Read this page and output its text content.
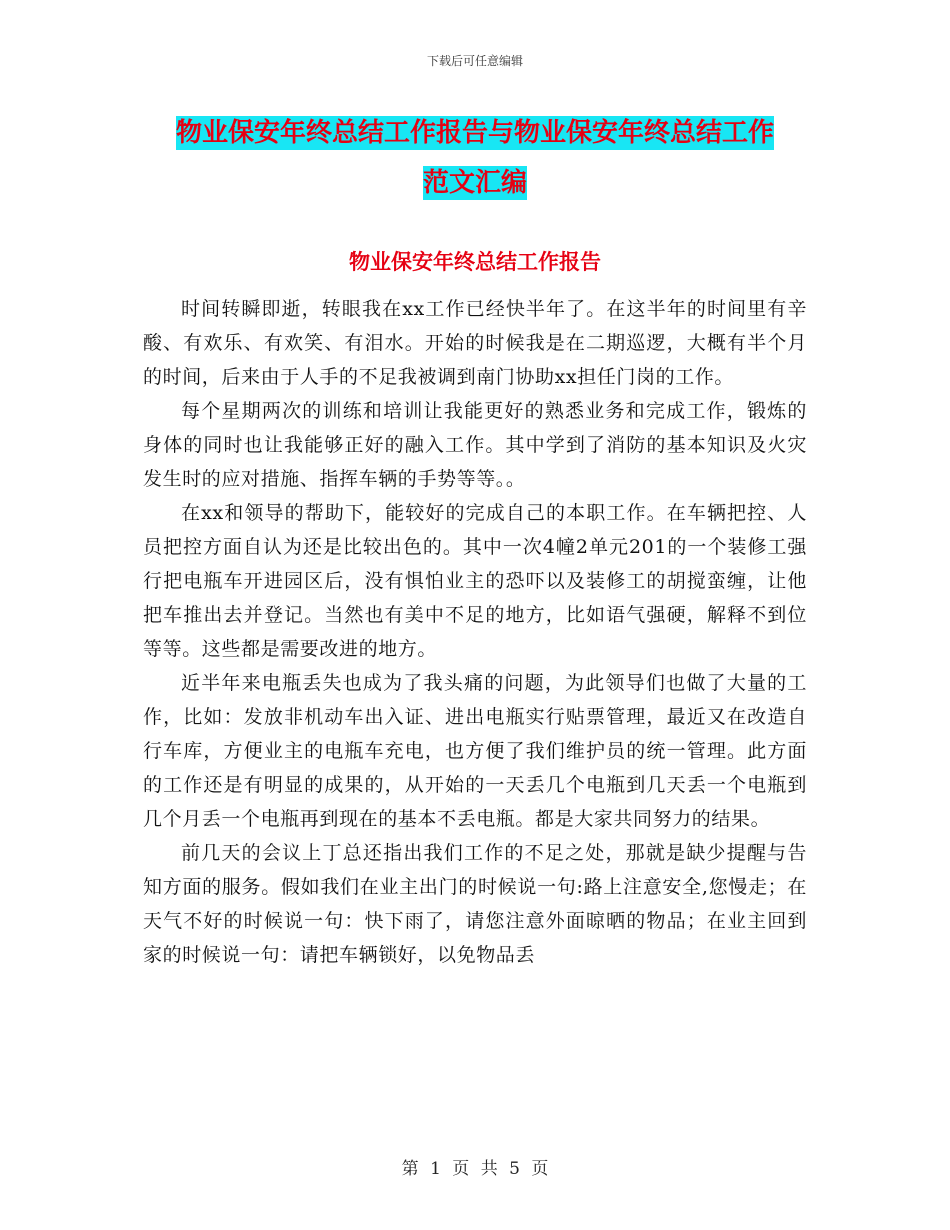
下载后可任意编辑
物业保安年终总结工作报告与物业保安年终总结工作
范文汇编
物业保安年终总结工作报告

时间转瞬即逝，转眼我在xx工作已经快半年了。在这半年的时间里有辛酸、有欢乐、有欢笑、有泪水。开始的时候我是在二期巡逻，大概有半个月的时间，后来由于人手的不足我被调到南门协助xx担任门岗的工作。

每个星期两次的训练和培训让我能更好的熟悉业务和完成工作，锻炼的身体的同时也让我能够正好的融入工作。其中学到了消防的基本知识及火灾发生时的应对措施、指挥车辆的手势等等。。

在xx和领导的帮助下，能较好的完成自己的本职工作。在车辆把控、人员把控方面自认为还是比较出色的。其中一次4幢2单元201的一个装修工强行把电瓶车开进园区后，没有惧怕业主的恐吓以及装修工的胡搅蛮缠，让他把车推出去并登记。当然也有美中不足的地方，比如语气强硬，解释不到位等等。这些都是需要改进的地方。

近半年来电瓶丢失也成为了我头痛的问题，为此领导们也做了大量的工作，比如：发放非机动车出入证、进出电瓶实行贴票管理，最近又在改造自行车库，方便业主的电瓶车充电，也方便了我们维护员的统一管理。此方面的工作还是有明显的成果的，从开始的一天丢几个电瓶到几天丢一个电瓶到几个月丢一个电瓶再到现在的基本不丢电瓶。都是大家共同努力的结果。

前几天的会议上丁总还指出我们工作的不足之处，那就是缺少提醒与告知方面的服务。假如我们在业主出门的时候说一句:路上注意安全,您慢走；在天气不好的时候说一句：快下雨了，请您注意外面晾晒的物品；在业主回到家的时候说一句：请把车辆锁好，以免物品丢

第 1 页 共 5 页
